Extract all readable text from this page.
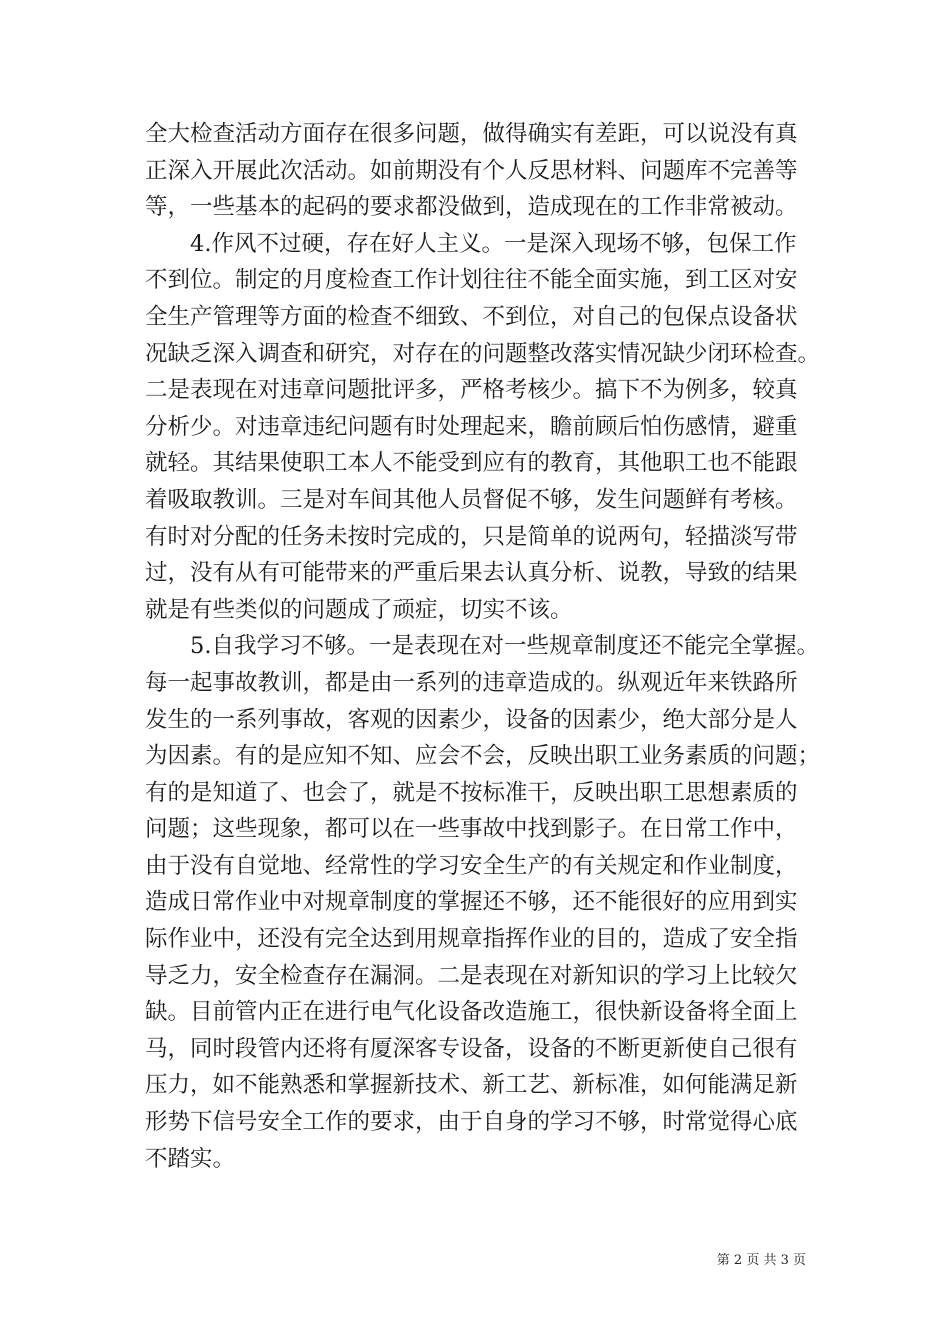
全大检查活动方面存在很多问题，做得确实有差距，可以说没有真
正深入开展此次活动。如前期没有个人反思材料、问题库不完善等
等，一些基本的起码的要求都没做到，造成现在的工作非常被动。
　　4.作风不过硬，存在好人主义。一是深入现场不够，包保工作
不到位。制定的月度检查工作计划往往不能全面实施，到工区对安
全生产管理等方面的检查不细致、不到位，对自己的包保点设备状
况缺乏深入调查和研究，对存在的问题整改落实情况缺少闭环检查。
二是表现在对违章问题批评多，严格考核少。搞下不为例多，较真
分析少。对违章违纪问题有时处理起来，瞻前顾后怕伤感情，避重
就轻。其结果使职工本人不能受到应有的教育，其他职工也不能跟
着吸取教训。三是对车间其他人员督促不够，发生问题鲜有考核。
有时对分配的任务未按时完成的，只是简单的说两句，轻描淡写带
过，没有从有可能带来的严重后果去认真分析、说教，导致的结果
就是有些类似的问题成了顽症，切实不该。
　　5.自我学习不够。一是表现在对一些规章制度还不能完全掌握。
每一起事故教训，都是由一系列的违章造成的。纵观近年来铁路所
发生的一系列事故，客观的因素少，设备的因素少，绝大部分是人
为因素。有的是应知不知、应会不会，反映出职工业务素质的问题；
有的是知道了、也会了，就是不按标准干，反映出职工思想素质的
问题；这些现象，都可以在一些事故中找到影子。在日常工作中，
由于没有自觉地、经常性的学习安全生产的有关规定和作业制度，
造成日常作业中对规章制度的掌握还不够，还不能很好的应用到实
际作业中，还没有完全达到用规章指挥作业的目的，造成了安全指
导乏力，安全检查存在漏洞。二是表现在对新知识的学习上比较欠
缺。目前管内正在进行电气化设备改造施工，很快新设备将全面上
马，同时段管内还将有厦深客专设备，设备的不断更新使自己很有
压力，如不能熟悉和掌握新技术、新工艺、新标准，如何能满足新
形势下信号安全工作的要求，由于自身的学习不够，时常觉得心底
不踏实。
第 2 页 共 3 页
